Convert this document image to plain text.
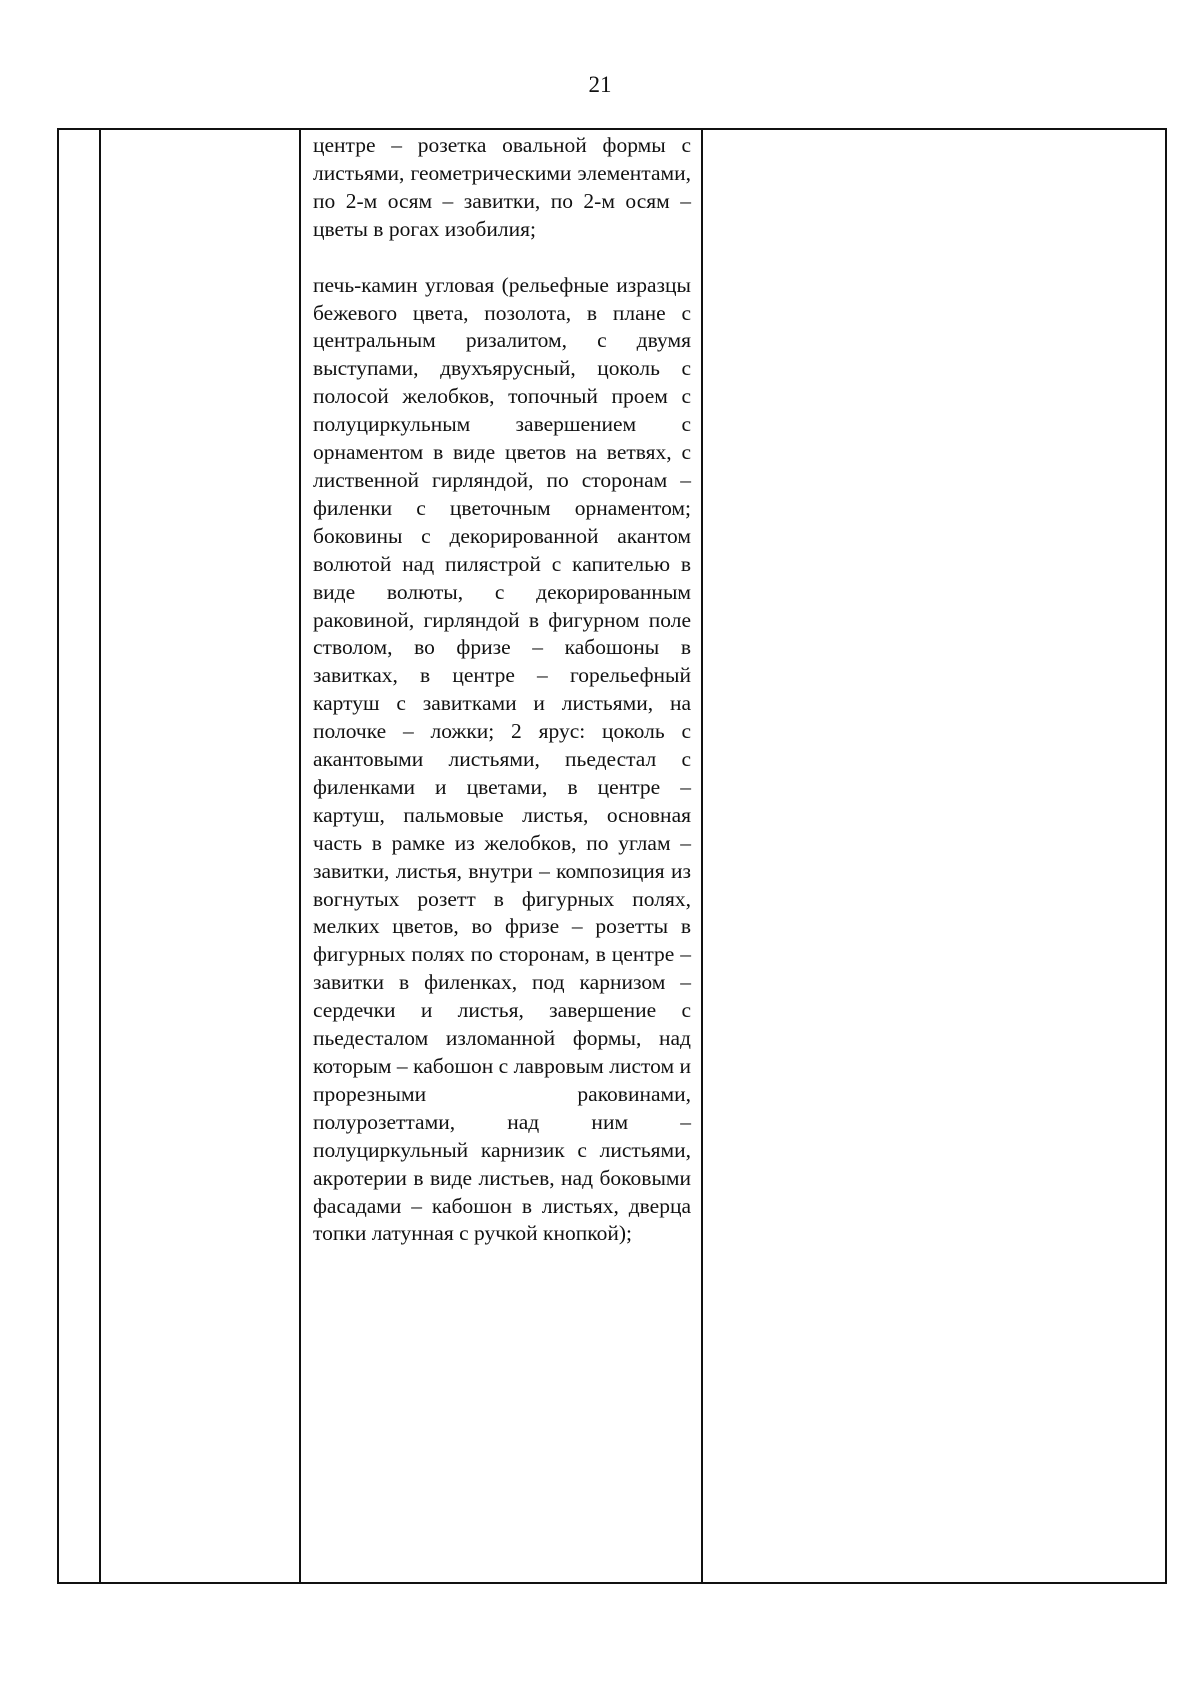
21

центре – розетка овальной формы с листьями, геометрическими элементами, по 2-м осям – завитки, по 2-м осям – цветы в рогах изобилия;

печь-камин угловая (рельефные изразцы бежевого цвета, позолота, в плане с центральным ризалитом, с двумя выступами, двухъярусный, цоколь с полосой желобков, топочный проем с полуциркульным завершением с орнаментом в виде цветов на ветвях, с лиственной гирляндой, по сторонам – филенки с цветочным орнаментом; боковины с декорированной акантом волютой над пилястрой с капителью в виде волюты, с декорированным раковиной, гирляндой в фигурном поле стволом, во фризе – кабошоны в завитках, в центре – горельефный картуш с завитками и листьями, на полочке – ложки; 2 ярус: цоколь с акантовыми листьями, пьедестал с филенками и цветами, в центре – картуш, пальмовые листья, основная часть в рамке из желобков, по углам – завитки, листья, внутри – композиция из вогнутых розетт в фигурных полях, мелких цветов, во фризе – розетты в фигурных полях по сторонам, в центре – завитки в филенках, под карнизом – сердечки и листья, завершение с пьедесталом изломанной формы, над которым – кабошон с лавровым листом и прорезными раковинами, полурозеттами, над ним – полуциркульный карнизик с листьями, акротерии в виде листьев, над боковыми фасадами – кабошон в листьях, дверца топки латунная с ручкой кнопкой);
